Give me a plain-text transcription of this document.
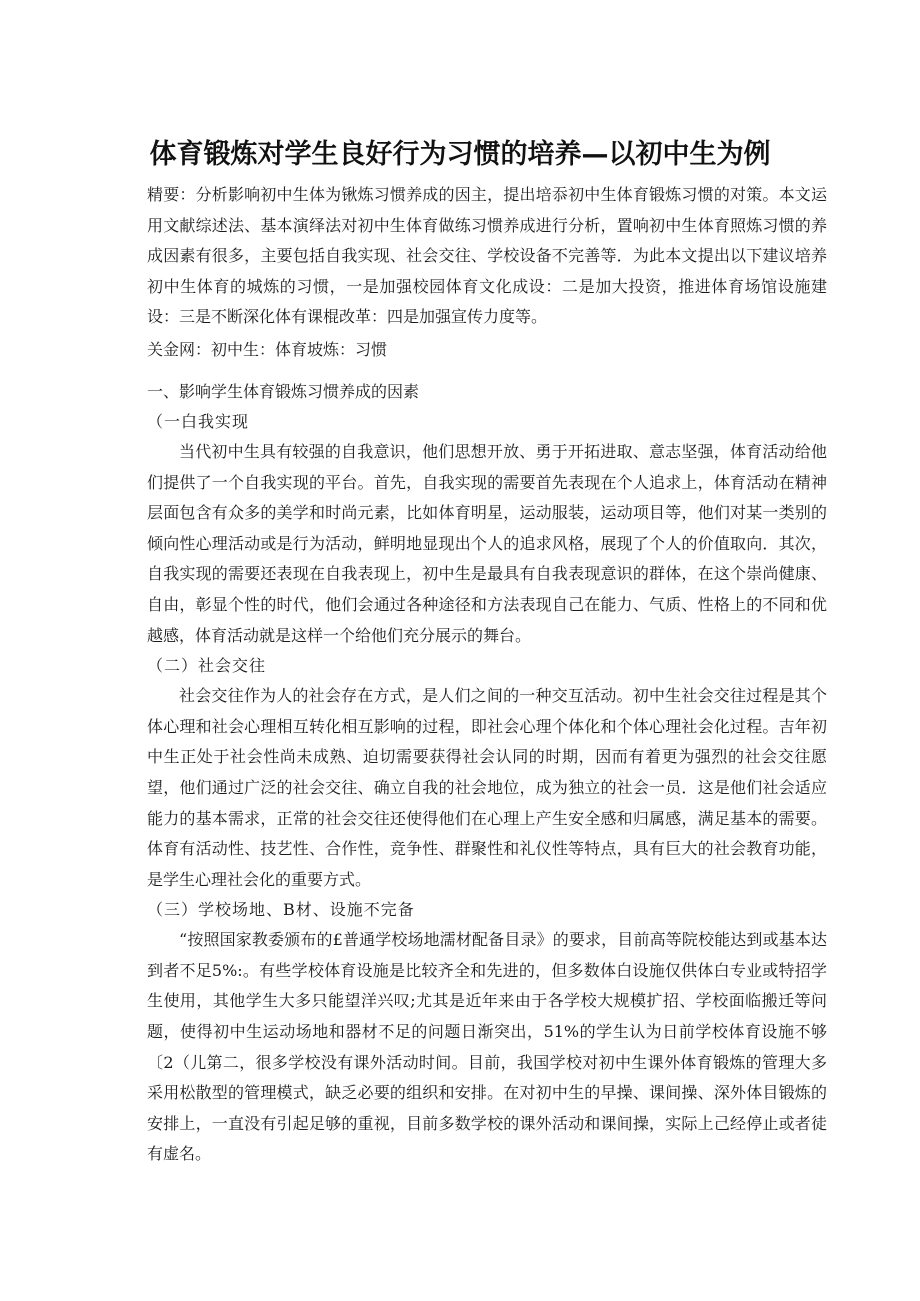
体育锻炼对学生良好行为习惯的培养—以初中生为例

精要：分析影响初中生体为锹炼习惯养成的因主，提出培忝初中生体育锻炼习惯的对策。本文运用文献综述法、基本演绎法对初中生体育做练习惯养成进行分析，置响初中生体育照炼习惯的养成因素有很多，主要包括自我实现、社会交往、学校设备不完善等．为此本文提出以下建议培养初中生体育的城炼的习惯，一是加强校园体育文化成设：二是加大投资，推进体育场馆设施建设：三是不断深化体有课棍改革：四是加强宣传力度等。

关金网：初中生：体育坡炼：习惯

一、影响学生体育锻炼习惯养成的因素

（一白我实现

当代初中生具有较强的自我意识，他们思想开放、勇于开拓进取、意志坚强，体育活动给他们提供了一个自我实现的平台。首先，自我实现的需要首先表现在个人追求上，体育活动在精神层面包含有众多的美学和时尚元素，比如体育明星，运动服装，运动项目等，他们对某一类别的倾向性心理活动或是行为活动，鲜明地显现出个人的追求风格，展现了个人的价值取向．其次，自我实现的需要还表现在自我表现上，初中生是最具有自我表现意识的群体，在这个崇尚健康、自由，彰显个性的时代，他们会通过各种途径和方法表现自己在能力、气质、性格上的不同和优越感，体育活动就是这样一个给他们充分展示的舞台。

（二）社会交往

社会交往作为人的社会存在方式，是人们之间的一种交互活动。初中生社会交往过程是其个体心理和社会心理相互转化相互影响的过程，即社会心理个体化和个体心理社会化过程。吉年初中生正处于社会性尚未成熟、迫切需要获得社会认同的时期，因而有着更为强烈的社会交往愿望，他们通过广泛的社会交往、确立自我的社会地位，成为独立的社会一员．这是他们社会适应能力的基本需求，正常的社会交往还使得他们在心理上产生安全感和归属感，满足基本的需要。体育有活动性、技艺性、合作性，竞争性、群聚性和礼仪性等特点，具有巨大的社会教育功能，是学生心理社会化的重要方式。

（三）学校场地、B材、设施不完备

“按照国家教委颁布的£普通学校场地濡材配备目录》的要求，目前高等院校能达到或基本达到者不足5%:。有些学校体育设施是比较齐全和先进的，但多数体白设施仅供体白专业或特招学生使用，其他学生大多只能望洋兴叹;尤其是近年来由于各学校大规模扩招、学校面临搬迁等问题，使得初中生运动场地和器材不足的问题日渐突出，51%的学生认为日前学校体育设施不够〔2（儿第二，很多学校没有课外活动时间。目前，我国学校对初中生课外体育锻炼的管理大多采用松散型的管理模式，缺乏必要的组织和安排。在对初中生的早操、课间操、深外体目锻炼的安排上，一直没有引起足够的重视，目前多数学校的课外活动和课间操，实际上己经停止或者徒有虚名。
